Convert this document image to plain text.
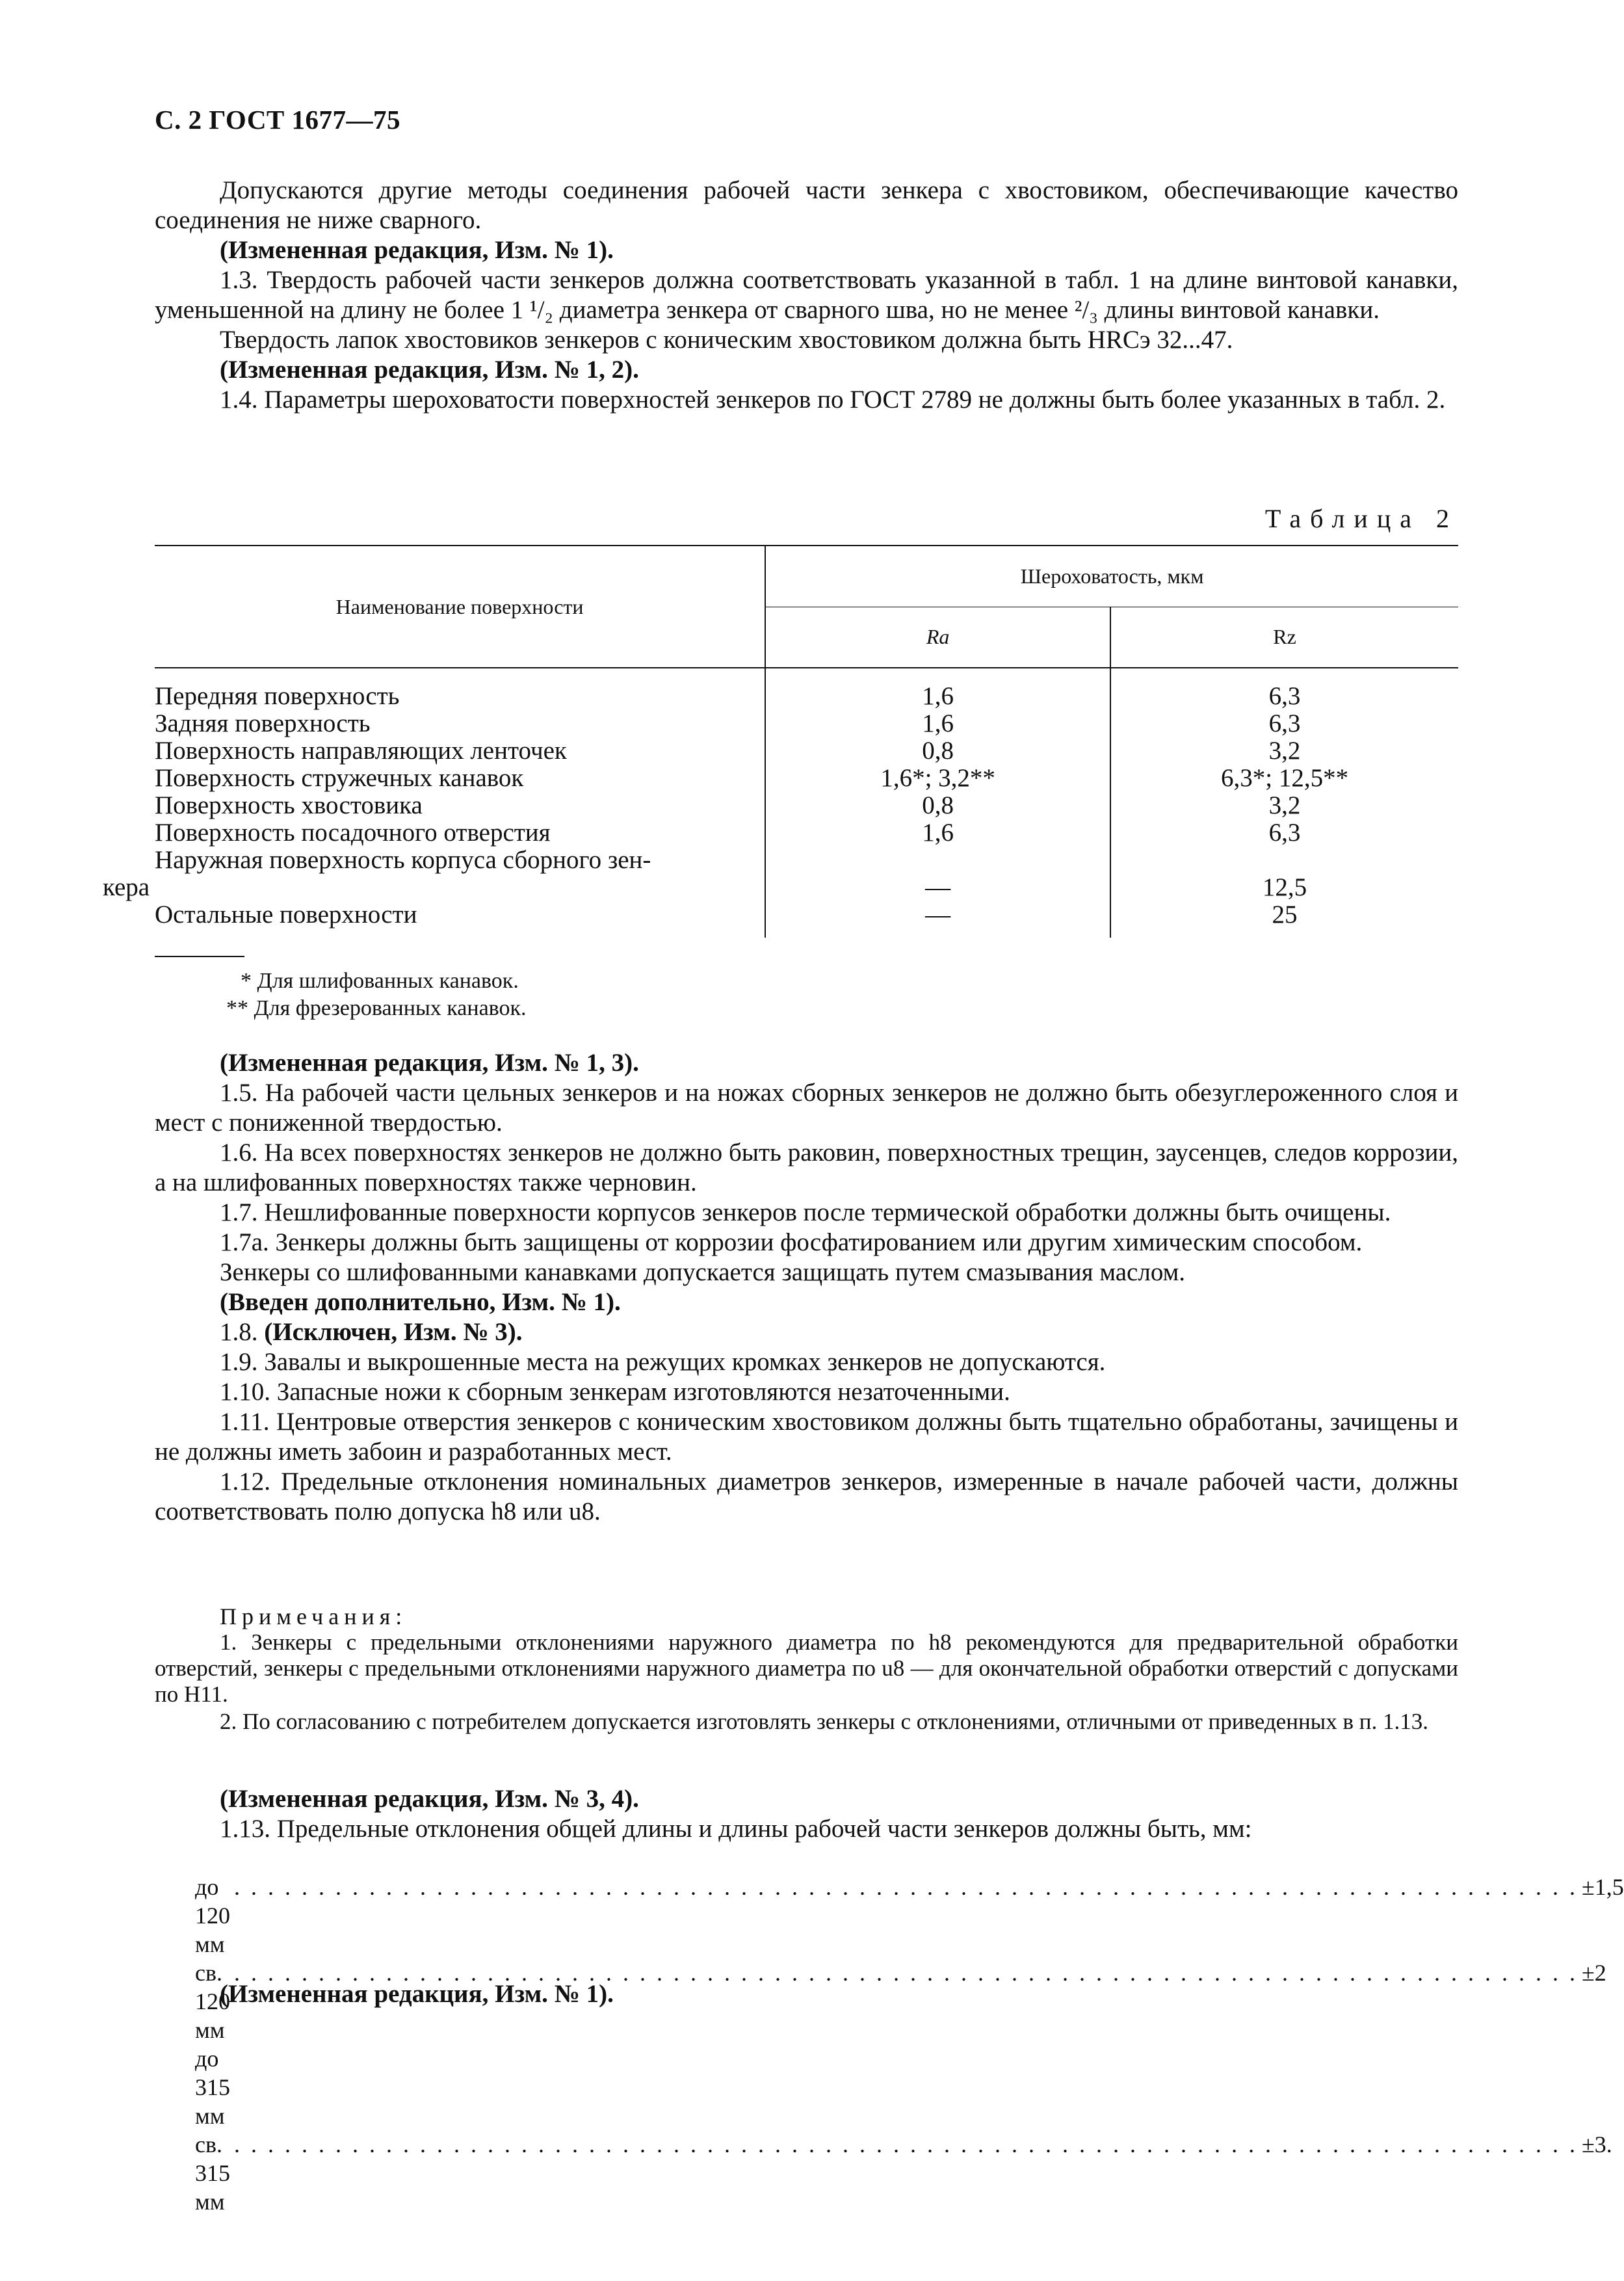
С. 2 ГОСТ 1677—75

Допускаются другие методы соединения рабочей части зенкера с хвостовиком, обеспечивающие качество соединения не ниже сварного.

(Измененная редакция, Изм. № 1).

1.3. Твердость рабочей части зенкеров должна соответствовать указанной в табл. 1 на длине винтовой канавки, уменьшенной на длину не более 1 ¹/₂ диаметра зенкера от сварного шва, но не менее ²/₃ длины винтовой канавки.

Твердость лапок хвостовиков зенкеров с коническим хвостовиком должна быть HRCэ 32...47.

(Измененная редакция, Изм. № 1, 2).

1.4. Параметры шероховатости поверхностей зенкеров по ГОСТ 2789 не должны быть более указанных в табл. 2.

Таблица 2
Наименование поверхности	Шероховатость, мкм	
	Ra	Rz

Передняя поверхность	1,6	6,3
Задняя поверхность	1,6	6,3
Поверхность направляющих ленточек	0,8	3,2
Поверхность стружечных канавок	1,6*; 3,2**	6,3*; 12,5**
Поверхность хвостовика	0,8	3,2
Поверхность посадочного отверстия	1,6	6,3

Наружная поверхность корпуса сборного зен-
кера	—	12,5
Остальные поверхности	—	25
* Для шлифованных канавок.
** Для фрезерованных канавок.

(Измененная редакция, Изм. № 1, 3).

1.5. На рабочей части цельных зенкеров и на ножах сборных зенкеров не должно быть обезуглероженного слоя и мест с пониженной твердостью.

1.6. На всех поверхностях зенкеров не должно быть раковин, поверхностных трещин, заусенцев, следов коррозии, а на шлифованных поверхностях также черновин.

1.7. Нешлифованные поверхности корпусов зенкеров после термической обработки должны быть очищены.

1.7а. Зенкеры должны быть защищены от коррозии фосфатированием или другим химическим способом.

Зенкеры со шлифованными канавками допускается защищать путем смазывания маслом.

(Введен дополнительно, Изм. № 1).

1.8. (Исключен, Изм. № 3).

1.9. Завалы и выкрошенные места на режущих кромках зенкеров не допускаются.

1.10. Запасные ножи к сборным зенкерам изготовляются незаточенными.

1.11. Центровые отверстия зенкеров с коническим хвостовиком должны быть тщательно обработаны, зачищены и не должны иметь забоин и разработанных мест.

1.12. Предельные отклонения номинальных диаметров зенкеров, измеренные в начале рабочей части, должны соответствовать полю допуска h8 или u8.

Примечания:

1. Зенкеры с предельными отклонениями наружного диаметра по h8 рекомендуются для предварительной обработки отверстий, зенкеры с предельными отклонениями наружного диаметра по u8 — для окончательной обработки отверстий с допусками по H11.

2. По согласованию с потребителем допускается изготовлять зенкеры с отклонениями, отличными от приведенных в п. 1.13.

(Измененная редакция, Изм. № 3, 4).

1.13. Предельные отклонения общей длины и длины рабочей части зенкеров должны быть, мм:

до 120 мм
. . . . . . . . . . . . . . . . . . . . . . . . . . . . . . . . . . . . . . . . . . . . . . . . . . . . . . . . . . . . . . . . . . . . . . . . . . . . . . . . ±1,5
св. 120 мм до 315 мм
. . . . . . . . . . . . . . . . . . . . . . . . . . . . . . . . . . . . . . . . . . . . . . . . . . . . . . . . . . . . . . . . . . . . . . . . . . . . . . . . ±2
св. 315 мм
. . . . . . . . . . . . . . . . . . . . . . . . . . . . . . . . . . . . . . . . . . . . . . . . . . . . . . . . . . . . . . . . . . . . . . . . . . . . . . . . ±3.
(Измененная редакция, Изм. № 1).
